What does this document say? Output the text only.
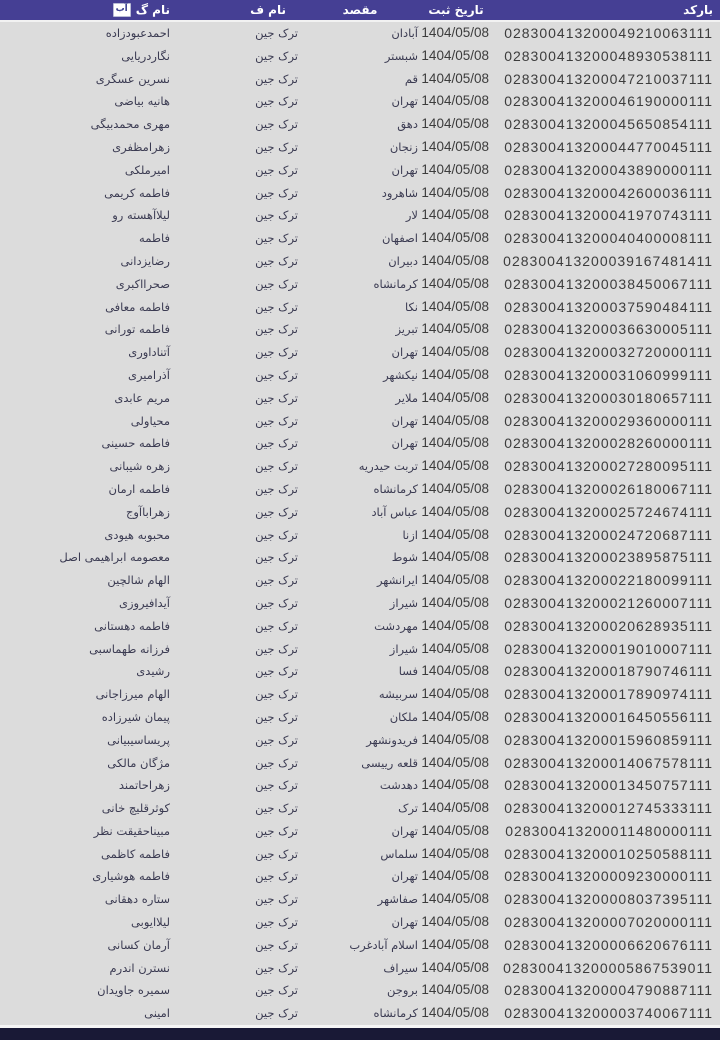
بارکد
تاریخ ثبت
مقصد
نام ف
نام گ
آب
028300413200049210063111
1404/05/08
آبادان
ترک جین
احمدعبودزاده
028300413200048930538111
1404/05/08
شبستر
ترک جین
نگاردریایی
028300413200047210037111
1404/05/08
قم
ترک جین
نسرین عسگری
028300413200046190000111
1404/05/08
تهران
ترک جین
هانیه بیاضی
028300413200045650854111
1404/05/08
دهق
ترک جین
مهری محمدبیگی
028300413200044770045111
1404/05/08
زنجان
ترک جین
زهرامظفری
028300413200043890000111
1404/05/08
تهران
ترک جین
امیرملکی
028300413200042600036111
1404/05/08
شاهرود
ترک جین
فاطمه کریمی
028300413200041970743111
1404/05/08
لار
ترک جین
لیلاآهسته رو
028300413200040400008111
1404/05/08
اصفهان
ترک جین
فاطمه
028300413200039167481411
1404/05/08
دبیران
ترک جین
رضایزدانی
028300413200038450067111
1404/05/08
کرمانشاه
ترک جین
صحرااکبری
028300413200037590484111
1404/05/08
نکا
ترک جین
فاطمه معافی
028300413200036630005111
1404/05/08
تبریز
ترک جین
فاطمه تورانی
028300413200032720000111
1404/05/08
تهران
ترک جین
آتناداوری
028300413200031060999111
1404/05/08
نیکشهر
ترک جین
آذرامیری
028300413200030180657111
1404/05/08
ملایر
ترک جین
مریم عابدی
028300413200029360000111
1404/05/08
تهران
ترک جین
محیاولی
028300413200028260000111
1404/05/08
تهران
ترک جین
فاطمه حسینی
028300413200027280095111
1404/05/08
تربت حیدریه
ترک جین
زهره شیبانی
028300413200026180067111
1404/05/08
کرمانشاه
ترک جین
فاطمه ارمان
028300413200025724674111
1404/05/08
عباس آباد
ترک جین
زهراباآوج
028300413200024720687111
1404/05/08
ازنا
ترک جین
محبوبه هیودی
028300413200023895875111
1404/05/08
شوط
ترک جین
معصومه ابراهیمی اصل
028300413200022180099111
1404/05/08
ایرانشهر
ترک جین
الهام شالچین
028300413200021260007111
1404/05/08
شیراز
ترک جین
آیدافیروزی
028300413200020628935111
1404/05/08
مهردشت
ترک جین
فاطمه دهستانی
028300413200019010007111
1404/05/08
شیراز
ترک جین
فرزانه طهماسبی
028300413200018790746111
1404/05/08
فسا
ترک جین
رشیدی
028300413200017890974111
1404/05/08
سربیشه
ترک جین
الهام میرزاجانی
028300413200016450556111
1404/05/08
ملکان
ترک جین
پیمان شیرزاده
028300413200015960859111
1404/05/08
فریدونشهر
ترک جین
پریساسیبیانی
028300413200014067578111
1404/05/08
قلعه رییسی
ترک جین
مژگان مالکی
028300413200013450757111
1404/05/08
دهدشت
ترک جین
زهراحاتمند
028300413200012745333111
1404/05/08
ترک
ترک جین
کوثرقلیچ خانی
028300413200011480000111
1404/05/08
تهران
ترک جین
مبیناحقیقت نظر
028300413200010250588111
1404/05/08
سلماس
ترک جین
فاطمه کاظمی
028300413200009230000111
1404/05/08
تهران
ترک جین
فاطمه هوشیاری
028300413200008037395111
1404/05/08
صفاشهر
ترک جین
ستاره دهقانی
028300413200007020000111
1404/05/08
تهران
ترک جین
لیلاایوبی
028300413200006620676111
1404/05/08
اسلام آبادغرب
ترک جین
آرمان کسانی
028300413200005867539011
1404/05/08
سیراف
ترک جین
نسترن اندرم
028300413200004790887111
1404/05/08
بروجن
ترک جین
سمیره جاویدان
028300413200003740067111
1404/05/08
کرمانشاه
ترک جین
امینی
